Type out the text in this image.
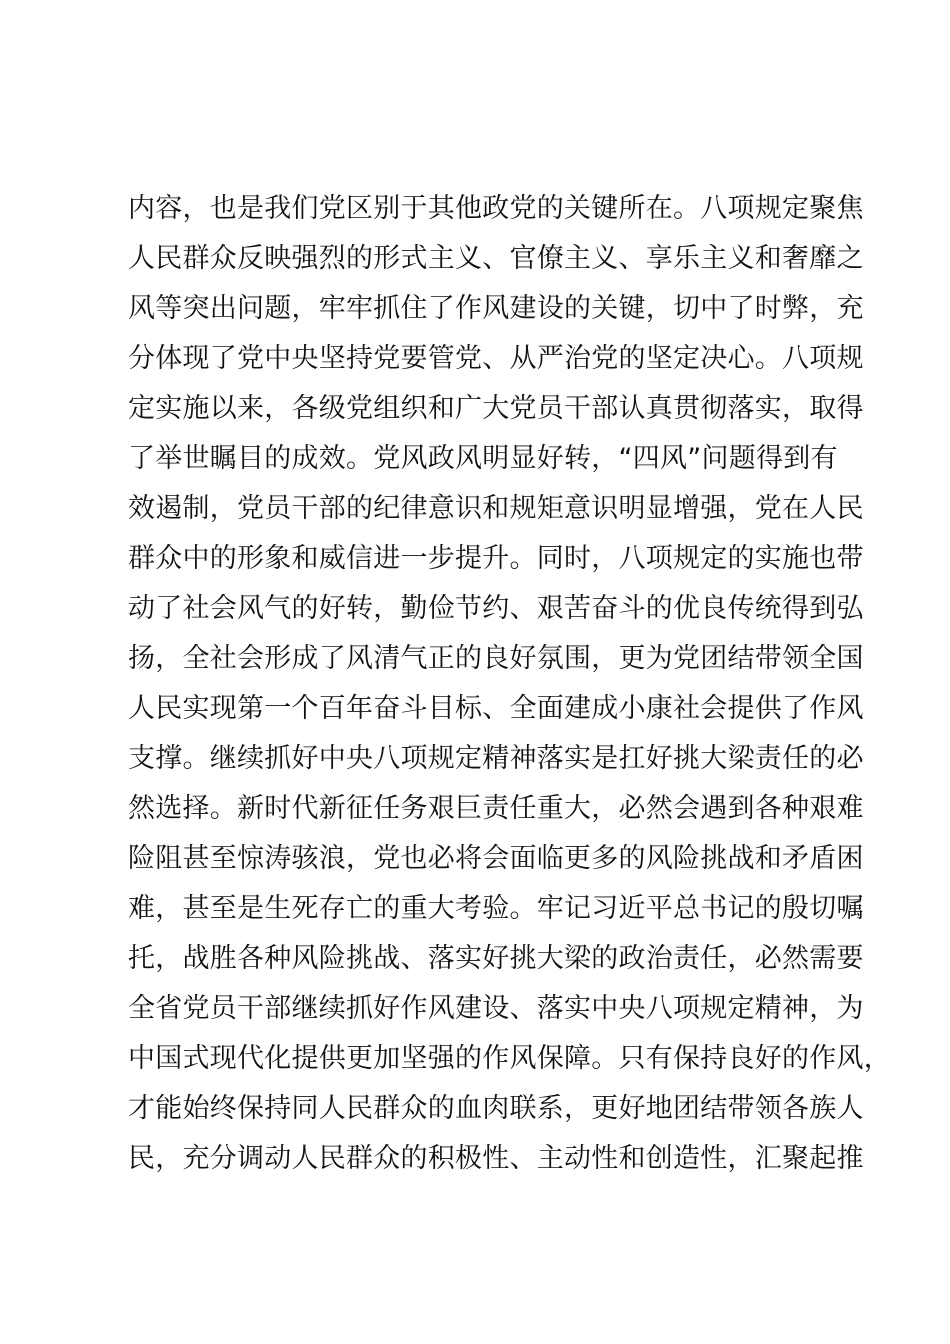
内容，也是我们党区别于其他政党的关键所在。八项规定聚焦
人民群众反映强烈的形式主义、官僚主义、享乐主义和奢靡之
风等突出问题，牢牢抓住了作风建设的关键，切中了时弊，充
分体现了党中央坚持党要管党、从严治党的坚定决心。八项规
定实施以来，各级党组织和广大党员干部认真贯彻落实，取得
了举世瞩目的成效。党风政风明显好转，“四风”问题得到有
效遏制，党员干部的纪律意识和规矩意识明显增强，党在人民
群众中的形象和威信进一步提升。同时，八项规定的实施也带
动了社会风气的好转，勤俭节约、艰苦奋斗的优良传统得到弘
扬，全社会形成了风清气正的良好氛围，更为党团结带领全国
人民实现第一个百年奋斗目标、全面建成小康社会提供了作风
支撑。继续抓好中央八项规定精神落实是扛好挑大梁责任的必
然选择。新时代新征任务艰巨责任重大，必然会遇到各种艰难
险阻甚至惊涛骇浪，党也必将会面临更多的风险挑战和矛盾困
难，甚至是生死存亡的重大考验。牢记习近平总书记的殷切嘱
托，战胜各种风险挑战、落实好挑大梁的政治责任，必然需要
全省党员干部继续抓好作风建设、落实中央八项规定精神，为
中国式现代化提供更加坚强的作风保障。只有保持良好的作风，
才能始终保持同人民群众的血肉联系，更好地团结带领各族人
民，充分调动人民群众的积极性、主动性和创造性，汇聚起推
